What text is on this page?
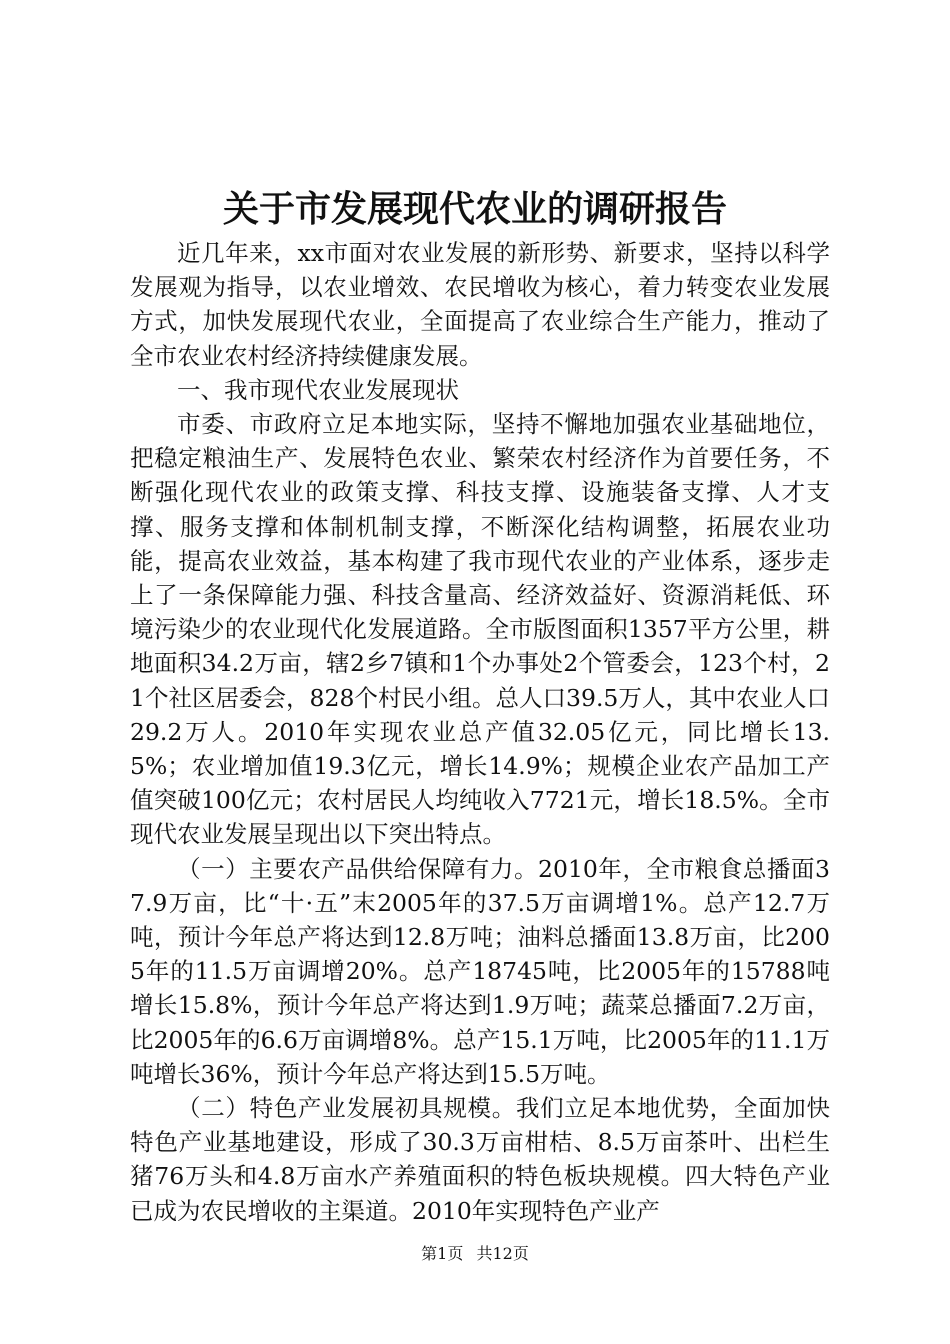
关于市发展现代农业的调研报告

近几年来，xx市面对农业发展的新形势、新要求，坚持以科学发展观为指导，以农业增效、农民增收为核心，着力转变农业发展方式，加快发展现代农业，全面提高了农业综合生产能力，推动了全市农业农村经济持续健康发展。

一、我市现代农业发展现状

市委、市政府立足本地实际，坚持不懈地加强农业基础地位，把稳定粮油生产、发展特色农业、繁荣农村经济作为首要任务，不断强化现代农业的政策支撑、科技支撑、设施装备支撑、人才支撑、服务支撑和体制机制支撑，不断深化结构调整，拓展农业功能，提高农业效益，基本构建了我市现代农业的产业体系，逐步走上了一条保障能力强、科技含量高、经济效益好、资源消耗低、环境污染少的农业现代化发展道路。全市版图面积1357平方公里，耕地面积34.2万亩，辖2乡7镇和1个办事处2个管委会，123个村，21个社区居委会，828个村民小组。总人口39.5万人，其中农业人口29.2万人。2010年实现农业总产值32.05亿元，同比增长13.5%；农业增加值19.3亿元，增长14.9%；规模企业农产品加工产值突破100亿元；农村居民人均纯收入7721元，增长18.5%。全市现代农业发展呈现出以下突出特点。

（一）主要农产品供给保障有力。2010年，全市粮食总播面37.9万亩，比“十·五”末2005年的37.5万亩调增1%。总产12.7万吨，预计今年总产将达到12.8万吨；油料总播面13.8万亩，比2005年的11.5万亩调增20%。总产18745吨，比2005年的15788吨增长15.8%，预计今年总产将达到1.9万吨；蔬菜总播面7.2万亩，比2005年的6.6万亩调增8%。总产15.1万吨，比2005年的11.1万吨增长36%，预计今年总产将达到15.5万吨。

（二）特色产业发展初具规模。我们立足本地优势，全面加快特色产业基地建设，形成了30.3万亩柑桔、8.5万亩茶叶、出栏生猪76万头和4.8万亩水产养殖面积的特色板块规模。四大特色产业已成为农民增收的主渠道。2010年实现特色产业产

第1页 共12页
